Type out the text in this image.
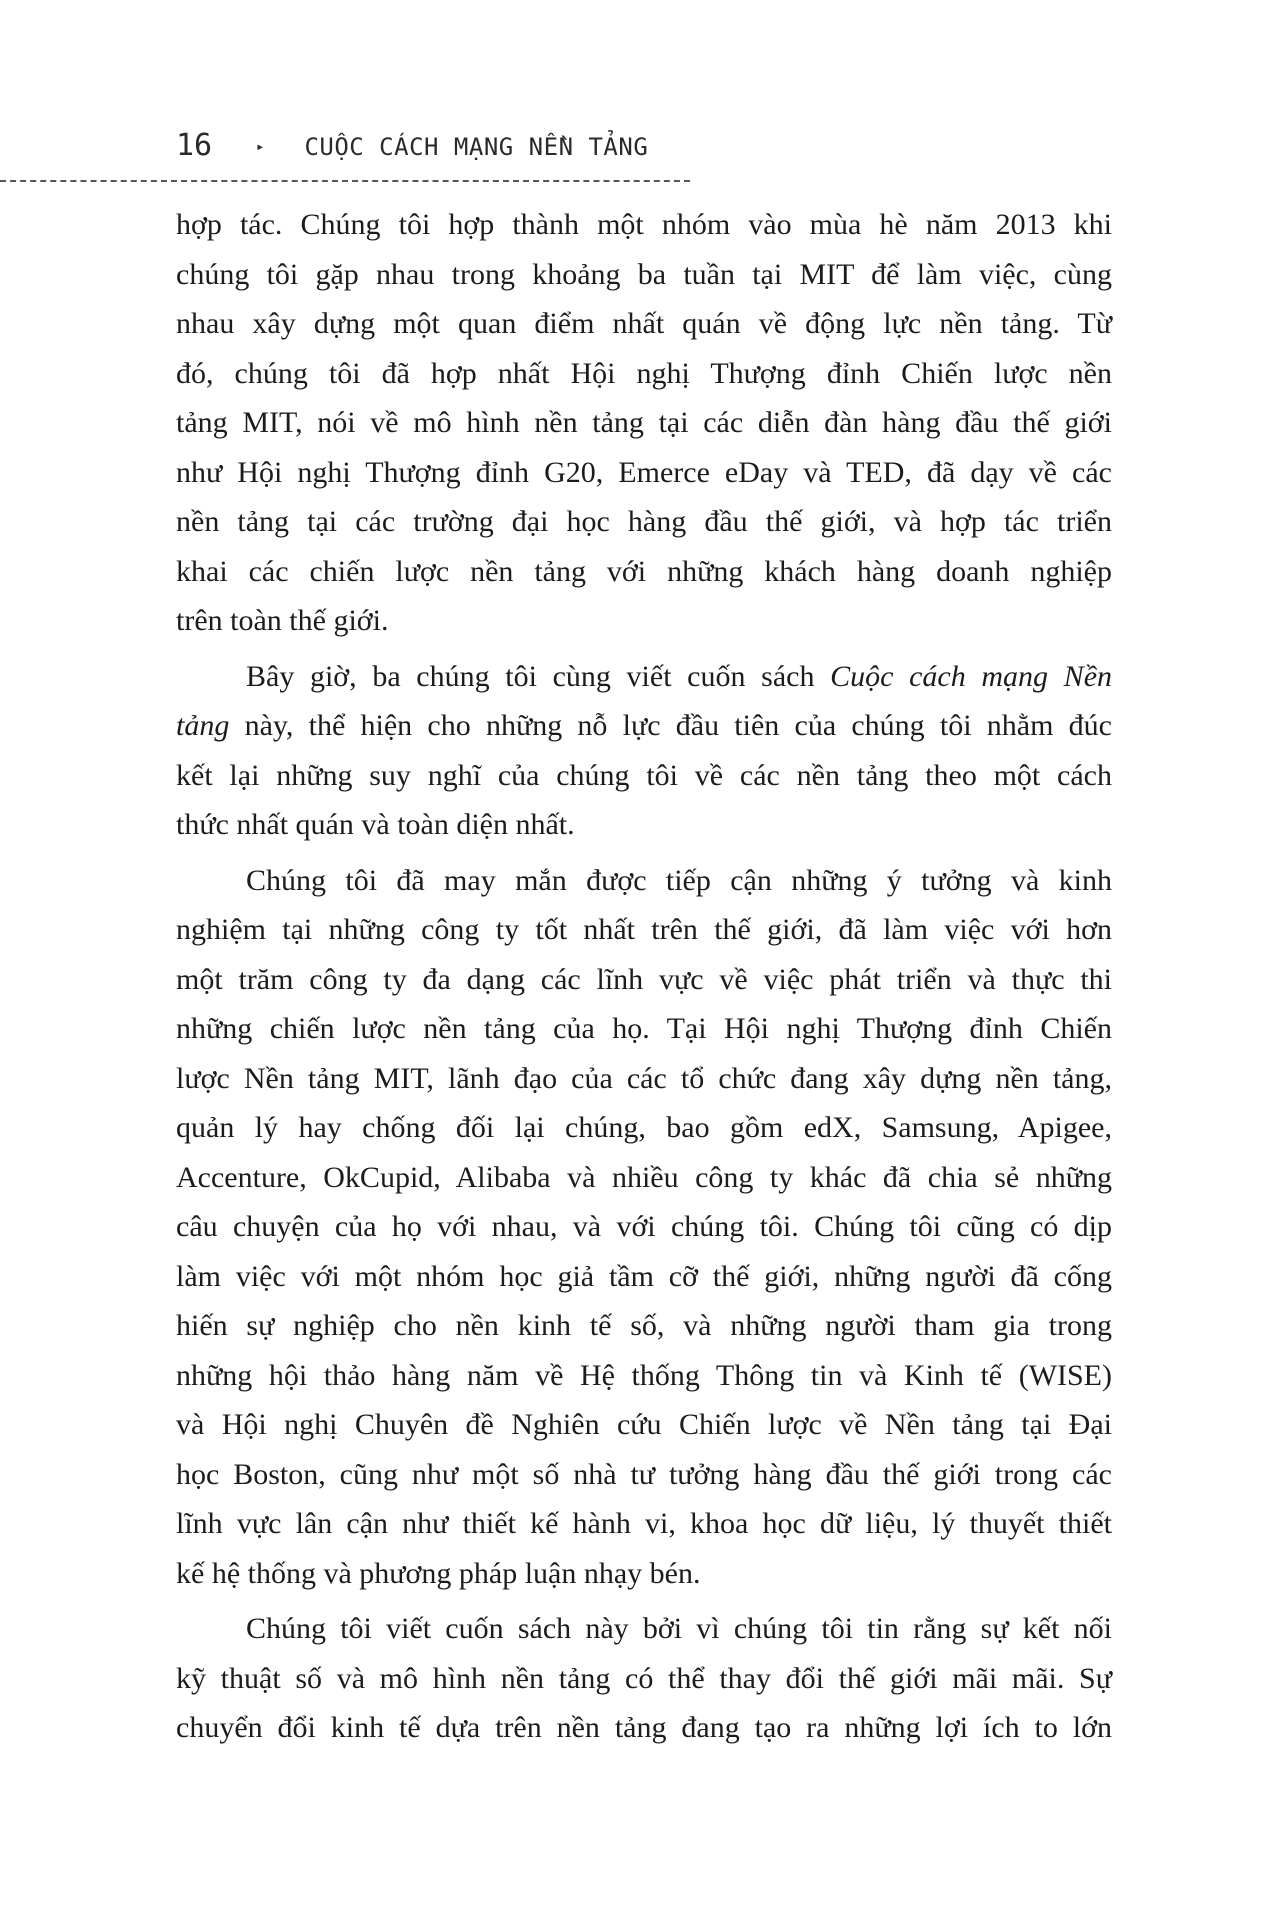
16	▸ CUỘC CÁCH MẠNG NỀN TẢNG
hợp tác. Chúng tôi hợp thành một nhóm vào mùa hè năm 2013 khi
chúng tôi gặp nhau trong khoảng ba tuần tại MIT để làm việc, cùng
nhau xây dựng một quan điểm nhất quán về động lực nền tảng. Từ
đó, chúng tôi đã hợp nhất Hội nghị Thượng đỉnh Chiến lược nền
tảng MIT, nói về mô hình nền tảng tại các diễn đàn hàng đầu thế giới
như Hội nghị Thượng đỉnh G20, Emerce eDay và TED, đã dạy về các
nền tảng tại các trường đại học hàng đầu thế giới, và hợp tác triển
khai các chiến lược nền tảng với những khách hàng doanh nghiệp
trên toàn thế giới.
Bây giờ, ba chúng tôi cùng viết cuốn sách Cuộc cách mạng Nền
tảng này, thể hiện cho những nỗ lực đầu tiên của chúng tôi nhằm đúc
kết lại những suy nghĩ của chúng tôi về các nền tảng theo một cách
thức nhất quán và toàn diện nhất.
Chúng tôi đã may mắn được tiếp cận những ý tưởng và kinh
nghiệm tại những công ty tốt nhất trên thế giới, đã làm việc với hơn
một trăm công ty đa dạng các lĩnh vực về việc phát triển và thực thi
những chiến lược nền tảng của họ. Tại Hội nghị Thượng đỉnh Chiến
lược Nền tảng MIT, lãnh đạo của các tổ chức đang xây dựng nền tảng,
quản lý hay chống đối lại chúng, bao gồm edX, Samsung, Apigee,
Accenture, OkCupid, Alibaba và nhiều công ty khác đã chia sẻ những
câu chuyện của họ với nhau, và với chúng tôi. Chúng tôi cũng có dịp
làm việc với một nhóm học giả tầm cỡ thế giới, những người đã cống
hiến sự nghiệp cho nền kinh tế số, và những người tham gia trong
những hội thảo hàng năm về Hệ thống Thông tin và Kinh tế (WISE)
và Hội nghị Chuyên đề Nghiên cứu Chiến lược về Nền tảng tại Đại
học Boston, cũng như một số nhà tư tưởng hàng đầu thế giới trong các
lĩnh vực lân cận như thiết kế hành vi, khoa học dữ liệu, lý thuyết thiết
kế hệ thống và phương pháp luận nhạy bén.
Chúng tôi viết cuốn sách này bởi vì chúng tôi tin rằng sự kết nối
kỹ thuật số và mô hình nền tảng có thể thay đổi thế giới mãi mãi. Sự
chuyển đổi kinh tế dựa trên nền tảng đang tạo ra những lợi ích to lớn
